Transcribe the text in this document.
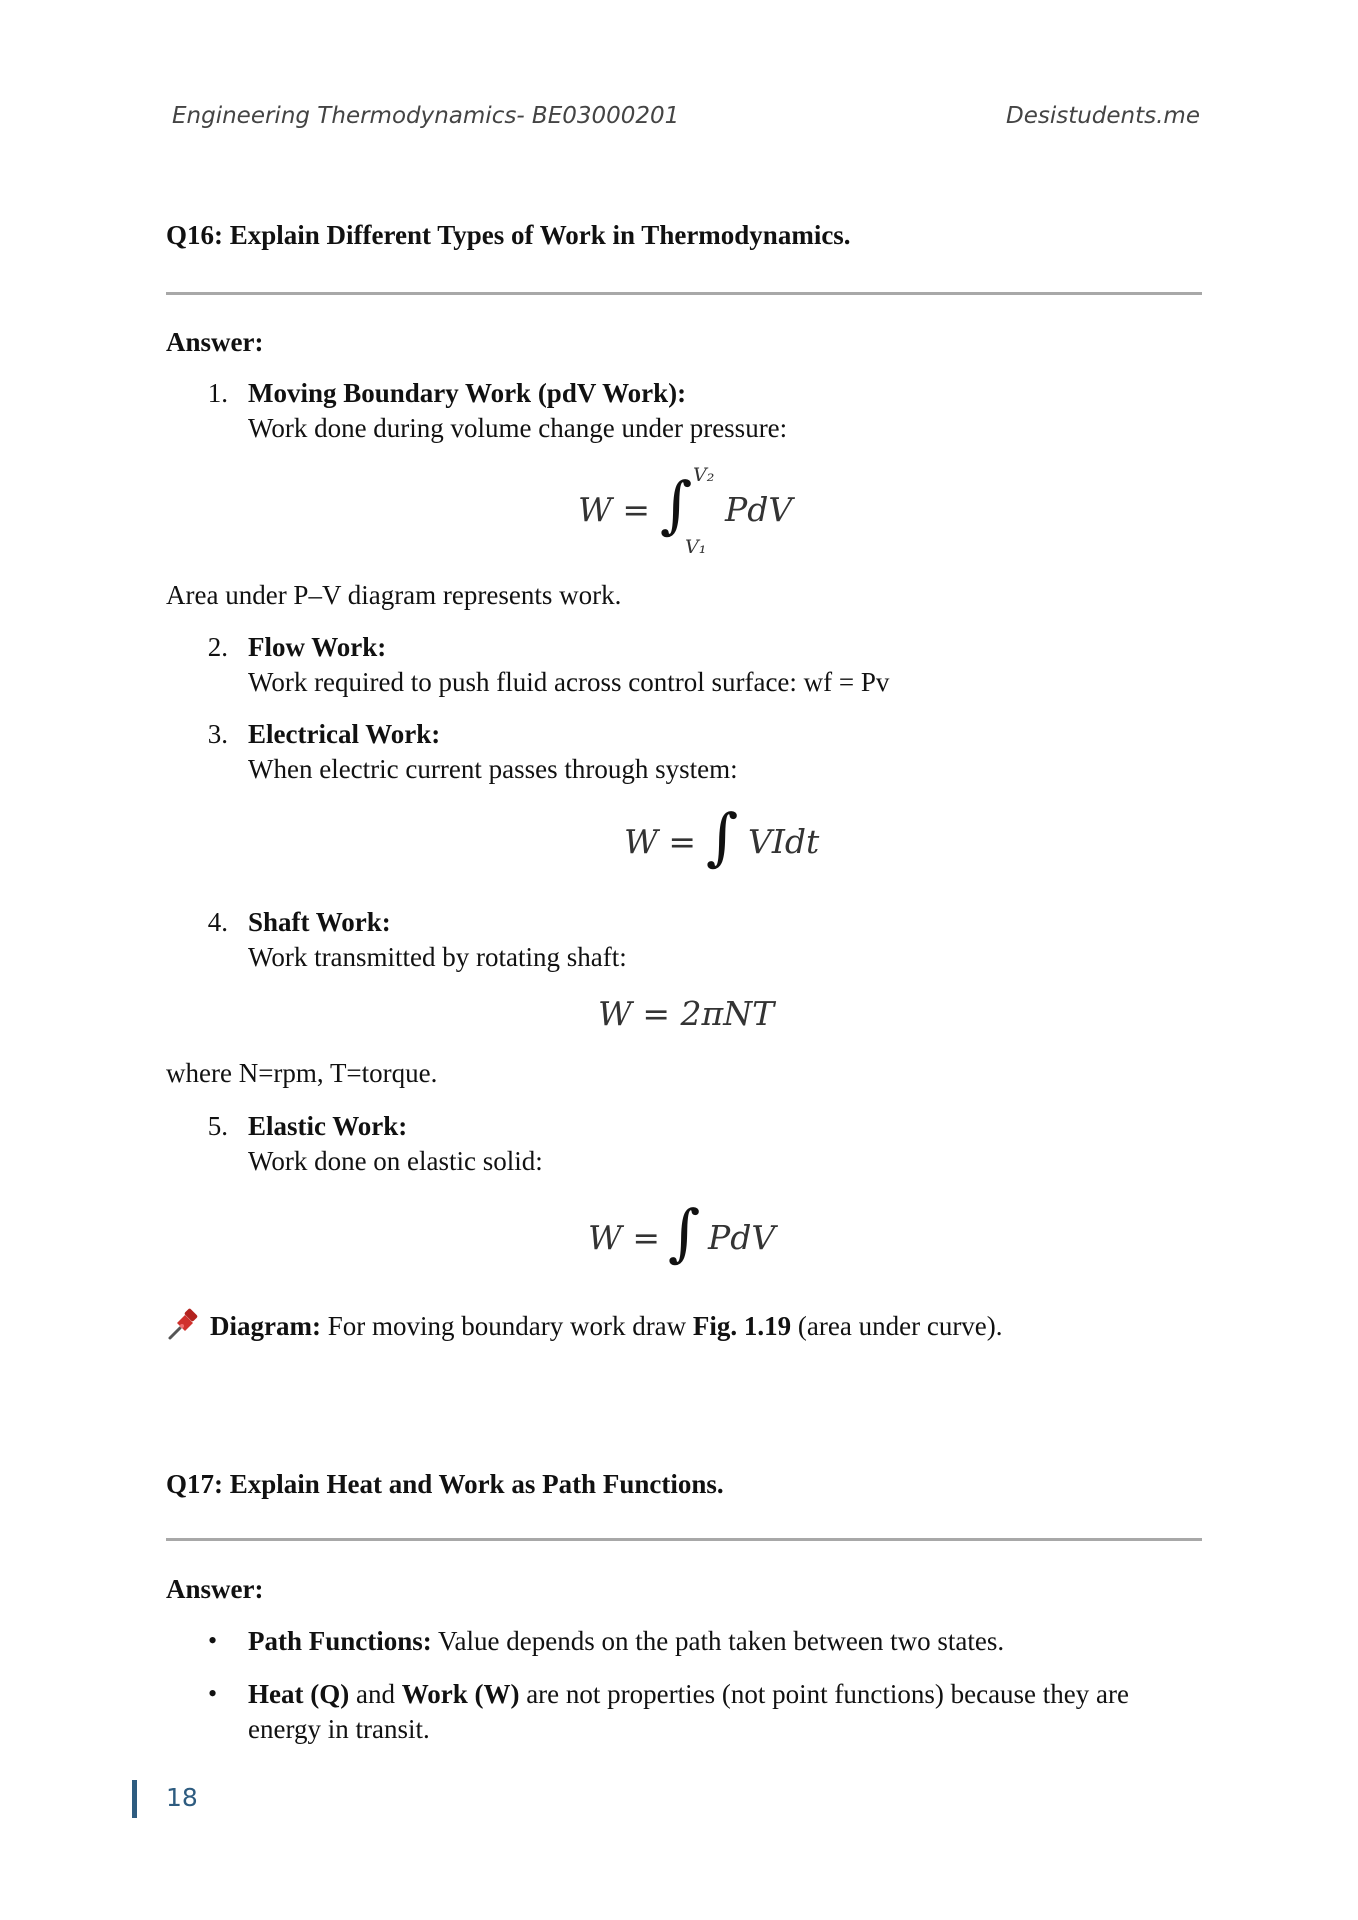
Engineering Thermodynamics- BE03000201	Desistudents.me
Q16: Explain Different Types of Work in Thermodynamics.
Answer:
1. Moving Boundary Work (pdV Work):
Work done during volume change under pressure:
W = ∫ V₂
V₁
PdV
Area under P–V diagram represents work.
2. Flow Work:
Work required to push fluid across control surface: wf = Pv
3. Electrical Work:
When electric current passes through system:
W = ∫ VIdt
4. Shaft Work:
Work transmitted by rotating shaft:
W = 2πNT
where N=rpm, T=torque.
5. Elastic Work:
Work done on elastic solid:
W = ∫ PdV
Diagram: For moving boundary work draw Fig. 1.19 (area under curve).
Q17: Explain Heat and Work as Path Functions.
Answer:
• Path Functions: Value depends on the path taken between two states.
• Heat (Q) and Work (W) are not properties (not point functions) because they are
energy in transit.
18
